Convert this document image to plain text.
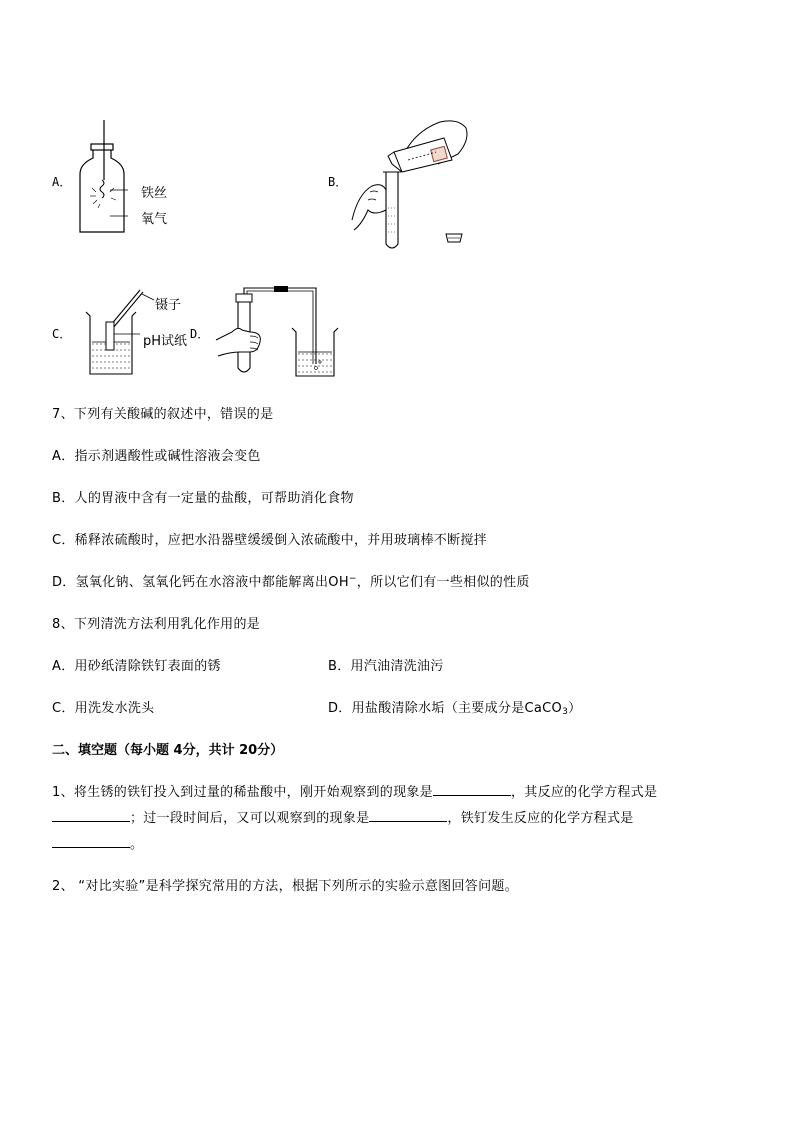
A．
铁丝
氧气
B．
C．
镊子
pH试纸 D．
7、下列有关酸碱的叙述中，错误的是
A．指示剂遇酸性或碱性溶液会变色
B．人的胃液中含有一定量的盐酸，可帮助消化食物
C．稀释浓硫酸时，应把水沿器壁缓缓倒入浓硫酸中，并用玻璃棒不断搅拌
D．氢氧化钠、氢氧化钙在水溶液中都能解离出OH−，所以它们有一些相似的性质
8、下列清洗方法利用乳化作用的是
A．用砂纸清除铁钉表面的锈	B．用汽油清洗油污
C．用洗发水洗头	D．用盐酸清除水垢（主要成分是CaCO$_3$）
二、填空题（每小题 4分，共计 20分）
1、将生锈的铁钉投入到过量的稀盐酸中，刚开始观察到的现象是	，其反应的化学方程式是
；过一段时间后，又可以观察到的现象是	，铁钉发生反应的化学方程式是
。
2、 “对比实验”是科学探究常用的方法，根据下列所示的实验示意图回答问题。
